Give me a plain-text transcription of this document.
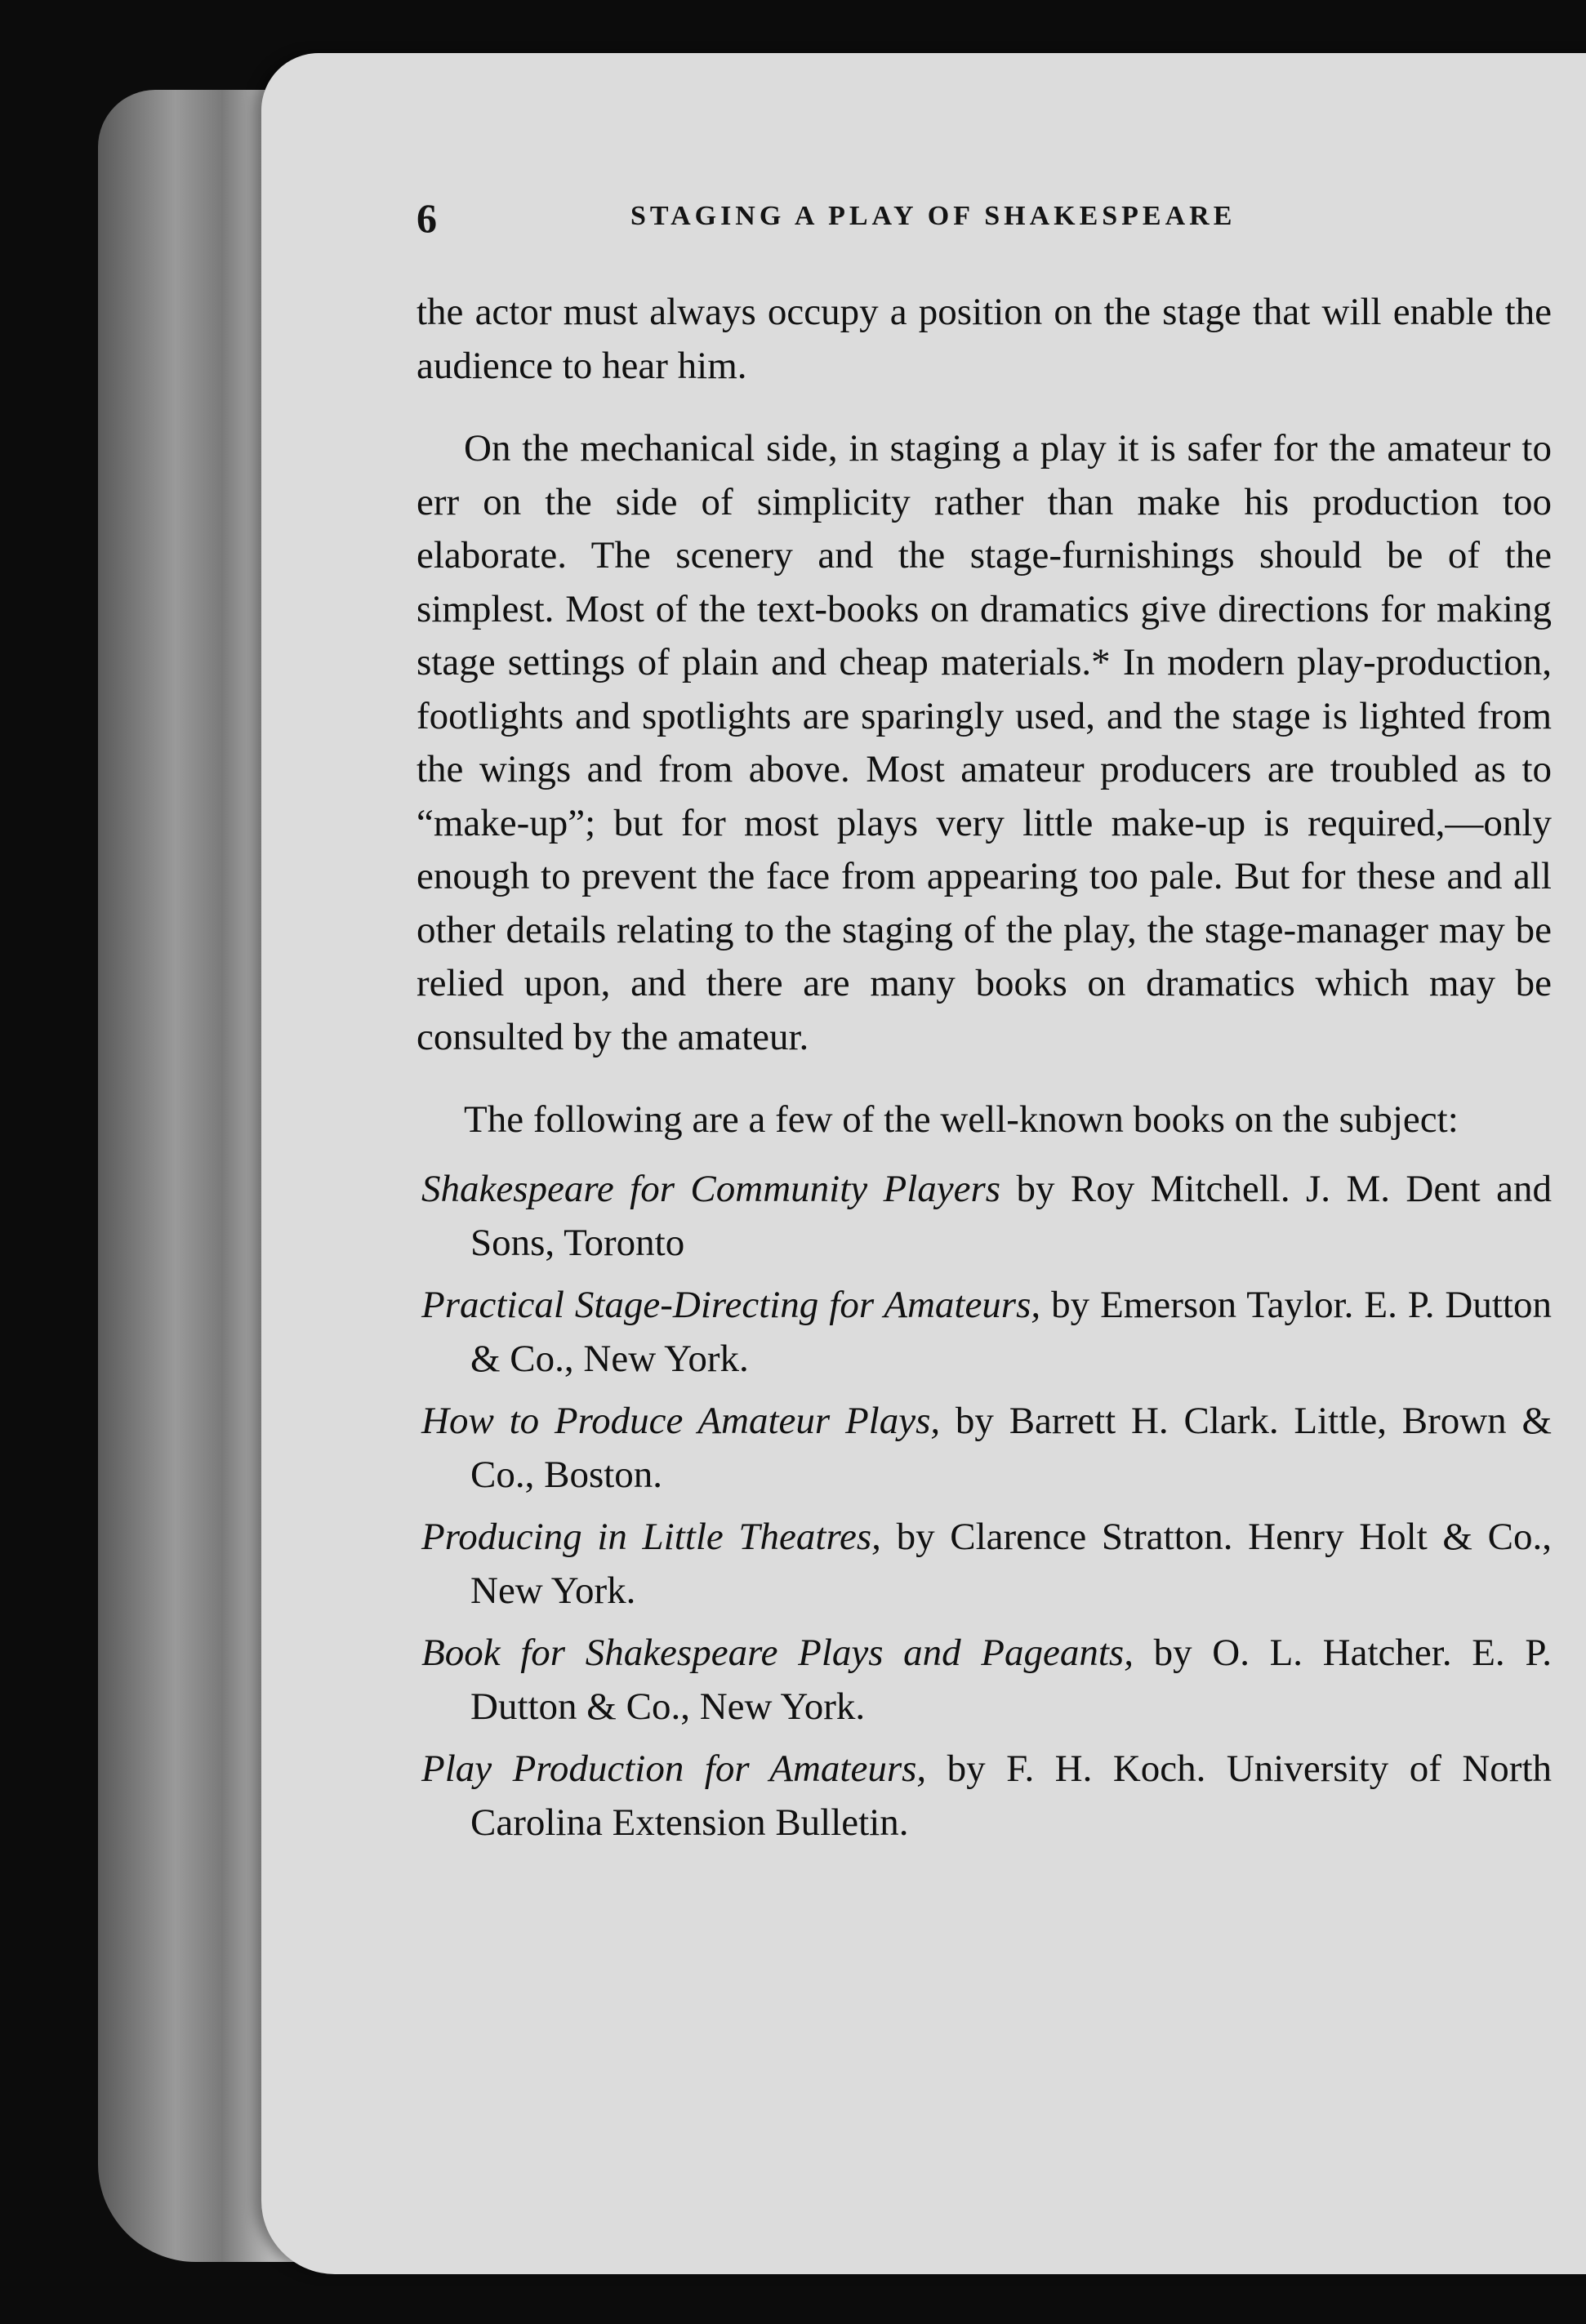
6	STAGING A PLAY OF SHAKESPEARE

the actor must always occupy a position on the stage that will enable the audience to hear him.

On the mechanical side, in staging a play it is safer for the amateur to err on the side of simplicity rather than make his production too elaborate. The scenery and the stage-furnishings should be of the simplest. Most of the text-books on dramatics give directions for making stage settings of plain and cheap materials.* In modern play-production, footlights and spotlights are sparingly used, and the stage is lighted from the wings and from above. Most amateur producers are troubled as to “make-up”; but for most plays very little make-up is required,—only enough to prevent the face from appearing too pale. But for these and all other details relating to the staging of the play, the stage-manager may be relied upon, and there are many books on dramatics which may be consulted by the amateur.

The following are a few of the well-known books on the subject:

Shakespeare for Community Players by Roy Mitchell. J. M. Dent and Sons, Toronto
Practical Stage-Directing for Amateurs, by Emerson Taylor. E. P. Dutton & Co., New York.
How to Produce Amateur Plays, by Barrett H. Clark. Little, Brown & Co., Boston.
Producing in Little Theatres, by Clarence Stratton. Henry Holt & Co., New York.
Book for Shakespeare Plays and Pageants, by O. L. Hatcher. E. P. Dutton & Co., New York.
Play Production for Amateurs, by F. H. Koch. University of North Carolina Extension Bulletin.
